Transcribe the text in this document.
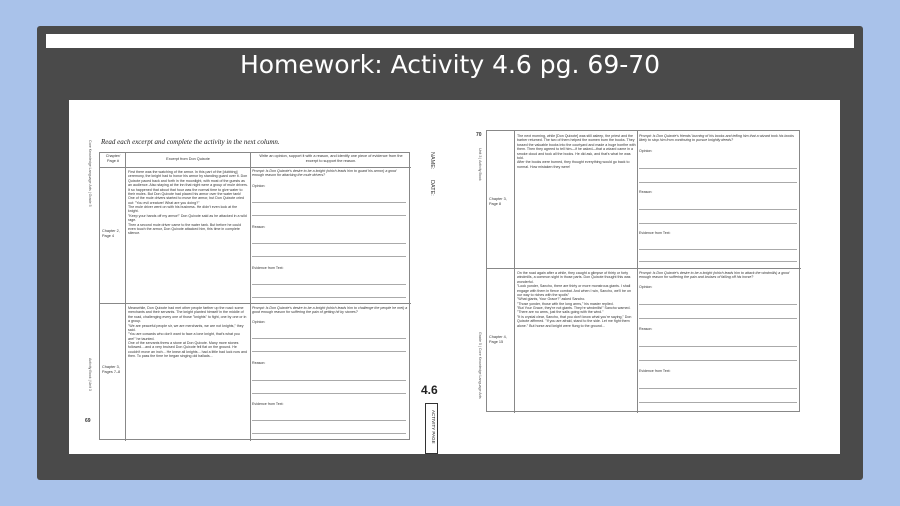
Homework: Activity 4.6 pg. 69-70
Read each excerpt and complete the activity in the next column.
Core Knowledge Language Arts | Grade 5
Activity Book | Unit 3
69
NAME:
DATE:
4.6
ACTIVITY PAGE
Chapter/
Page #	Excerpt from Don Quixote
Write an opinion, support it with a reason, and identify one piece of evidence from the excerpt to support the reason.
Chapter 2,
Page 4
First there was the watching of the armor. In this part of the [dubbing] ceremony, the knight had to honor his armor by standing guard over it. Don Quixote paced back and forth in the moonlight, with most of the guests as an audience. Also staying at the inn that night were a group of mule drivers. It so happened that about that hour was the normal time to give water to their mules. But Don Quixote had placed his armor over the water tank! One of the mule drivers started to move the armor, but Don Quixote cried out: "You evil creature! What are you doing?"
The mule driver went on with his business. He didn't even look at the knight.
"Keep your hands off my armor!" Don Quixote said as he attacked in a wild rage.
Then a second mule driver came to the water tank. But before he could even touch the armor, Don Quixote attacked him, this time in complete silence.
Prompt: Is Don Quixote's desire to be a knight (which leads him to guard his armor) a good enough reason for attacking the mule drivers?
Opinion:
Reason:
Evidence from Text:
Chapter 3,
Pages 7–8
Meanwhile, Don Quixote had met other people farther up the road: some merchants and their servants. The knight planted himself in the middle of the road, challenging every one of those "knights" to fight, one by one or in a group.
"We are peaceful people sir, we are merchants, we are not knights," they said.
"You are cowards who don't want to face a lone knight, that's what you are!" he taunted.
One of the servants threw a stone at Don Quixote. Many more stones followed....and a very bruised Don Quixote fell flat on the ground. He couldn't move an inch... He knew all knights... had a little bad luck now and then. To pass the time he began singing old ballads...
Prompt: Is Don Quixote's desire to be a knight (which leads him to challenge the people he met) a good enough reason for suffering the pain of getting hit by stones?
Opinion:
Reason:
Evidence from Text:
70
Unit 3 | Activity Book
Grade 5 | Core Knowledge Language Arts
Chapter 3,
Page 8
The next morning, while [Don Quixote] was still asleep, the priest and the barber returned. The two of them helped the women burn the books. They tossed the valuable books into the courtyard and made a huge bonfire with them. Then they agreed to tell him—if he asked—that a wizard came in a smoke cloud and took all the books. He did ask, and that's what he was told.
After the books were burned, they thought everything would go back to normal. How mistaken they were!
Prompt: Is Don Quixote's friends' burning of his books and telling him that a wizard took his books likely to stop him from continuing to pursue knightly deeds?
Opinion:
Reason:
Evidence from Text:
Chapter 4,
Page 15
On the road again after a while, they caught a glimpse of thirty or forty windmills, a common sight in those parts. Don Quixote thought this was wonderful.
"Look yonder, Sancho, there are thirty or more monstrous giants. I shall engage with them in fierce combat. And when I win, Sancho, we'll be on our way to riches with the spoils"
"What giants, Your Grace?" asked Sancho.
"Those yonder, those with the long arms," his master replied.
"But Your Grace, they're not giants. They're windmills!" Sancho warned. "There are no arms, just the sails going with the wind."
"It is crystal clear, Sancho, that you don't know what you're saying," Don Quixote affirmed. "If you are afraid, stand to the side. Let me fight them alone." But horse and knight were flung to the ground...
Prompt: Is Don Quixote's desire to be a knight (which leads him to attack the windmills) a good enough reason for suffering the pain and bruises of falling off his horse?
Opinion:
Reason:
Evidence from Text:
